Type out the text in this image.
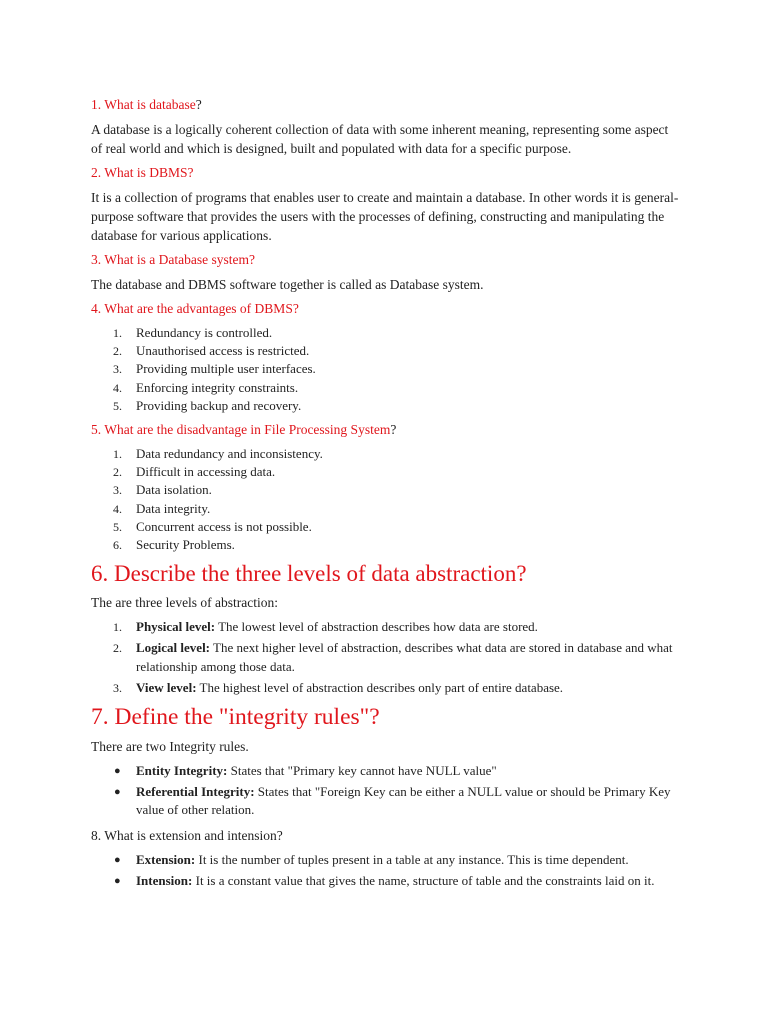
1. What is database?
A database is a logically coherent collection of data with some inherent meaning, representing some aspect of real world and which is designed, built and populated with data for a specific purpose.
2. What is DBMS?
It is a collection of programs that enables user to create and maintain a database. In other words it is general-purpose software that provides the users with the processes of defining, constructing and manipulating the database for various applications.
3. What is a Database system?
The database and DBMS software together is called as Database system.
4. What are the advantages of DBMS?
1. Redundancy is controlled.
2. Unauthorised access is restricted.
3. Providing multiple user interfaces.
4. Enforcing integrity constraints.
5. Providing backup and recovery.
5. What are the disadvantage in File Processing System?
1. Data redundancy and inconsistency.
2. Difficult in accessing data.
3. Data isolation.
4. Data integrity.
5. Concurrent access is not possible.
6. Security Problems.
6. Describe the three levels of data abstraction?
The are three levels of abstraction:
1. Physical level: The lowest level of abstraction describes how data are stored.
2. Logical level: The next higher level of abstraction, describes what data are stored in database and what relationship among those data.
3. View level: The highest level of abstraction describes only part of entire database.
7. Define the "integrity rules"?
There are two Integrity rules.
● Entity Integrity: States that "Primary key cannot have NULL value"
● Referential Integrity: States that "Foreign Key can be either a NULL value or should be Primary Key value of other relation.
8. What is extension and intension?
● Extension: It is the number of tuples present in a table at any instance. This is time dependent.
● Intension: It is a constant value that gives the name, structure of table and the constraints laid on it.
